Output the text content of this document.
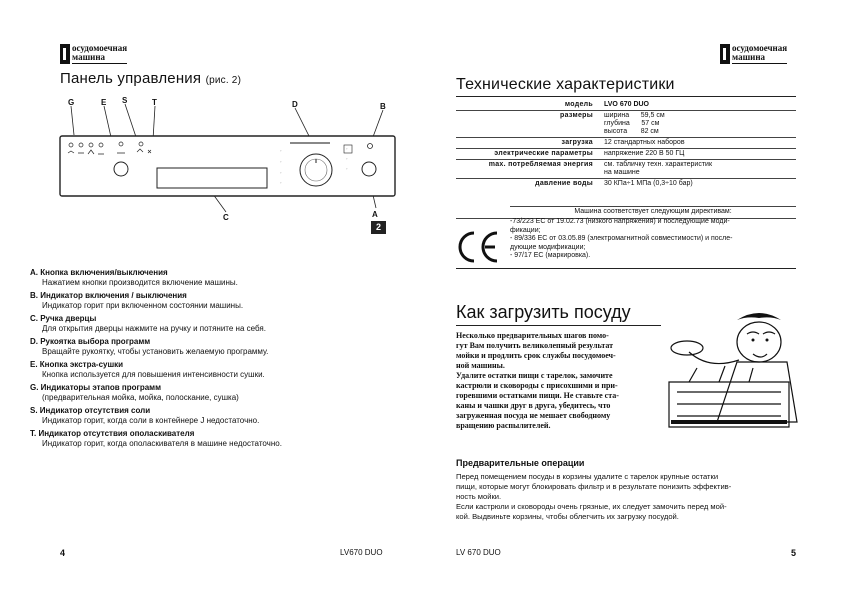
осудомоечная
машина
Панель управления (рис. 2)
G	E S	T	D	B
C	A
2
◦
◦
◦
◦
◦
◦
◦
A. Кнопка включения/выключения
Нажатием кнопки производится включение машины.
B. Индикатор включения / выключения
Индикатор горит при включенном состоянии машины.
C. Ручка дверцы
Для открытия дверцы нажмите на ручку и потяните на себя.
D. Рукоятка выбора программ
Вращайте рукоятку, чтобы установить желаемую программу.
E. Кнопка экстра-сушки
Кнопка используется для повышения интенсивности сушки.
G. Индикаторы этапов программ
(предварительная мойка, мойка, полоскание, сушка)
S. Индикатор отсутствия соли
Индикатор горит, когда соли в контейнере J недостаточно.
T. Индикатор отсутствия ополаскивателя
Индикатор горит, когда ополаскивателя в машине недостаточно.
4	LV670 DUO
осудомоечная
машина
Технические характеристики
модель	LVO 670 DUO
размеры	ширина      59,5 см
глубина      57 см
высота       82 см
загрузка	12 стандартных наборов
электрические параметры	напряжение 220 В 50 ГЦ
max. потребляемая энергия	см. табличку техн. характеристик
на машине
давление воды	30 КПа÷1 МПа (0,3÷10 бар)
Машина соответствует следующим директивам:
-73/223 ЕС от 19.02.73 (низкого напряжения) и последующие моди-
фикации;
- 89/336 ЕС от 03.05.89 (электромагнитной совместимости) и после-
дующие модификации;
- 97/17 ЕС (маркировка).
Как загрузить посуду
Несколько предварительных шагов помо-
гут Вам получить великолепный результат
мойки и продлить срок службы посудомоеч-
ной машины.
Удалите остатки пищи с тарелок, замочите
кастрюли и сковороды с присохшими и при-
горевшими остатками пищи. Не ставьте ста-
каны и чашки друг в друга, убедитесь, что
загруженная посуда не мешает свободному
вращению распылителей.
Предварительные операции
Перед помещением посуды в корзины удалите с тарелок крупные остатки
пищи, которые могут блокировать фильтр и в результате понизить эффектив-
ность мойки.
Если кастрюли и сковороды очень грязные, их следует замочить перед мой-
кой. Выдвиньте корзины, чтобы облегчить их загрузку посудой.
LV 670 DUO	5
